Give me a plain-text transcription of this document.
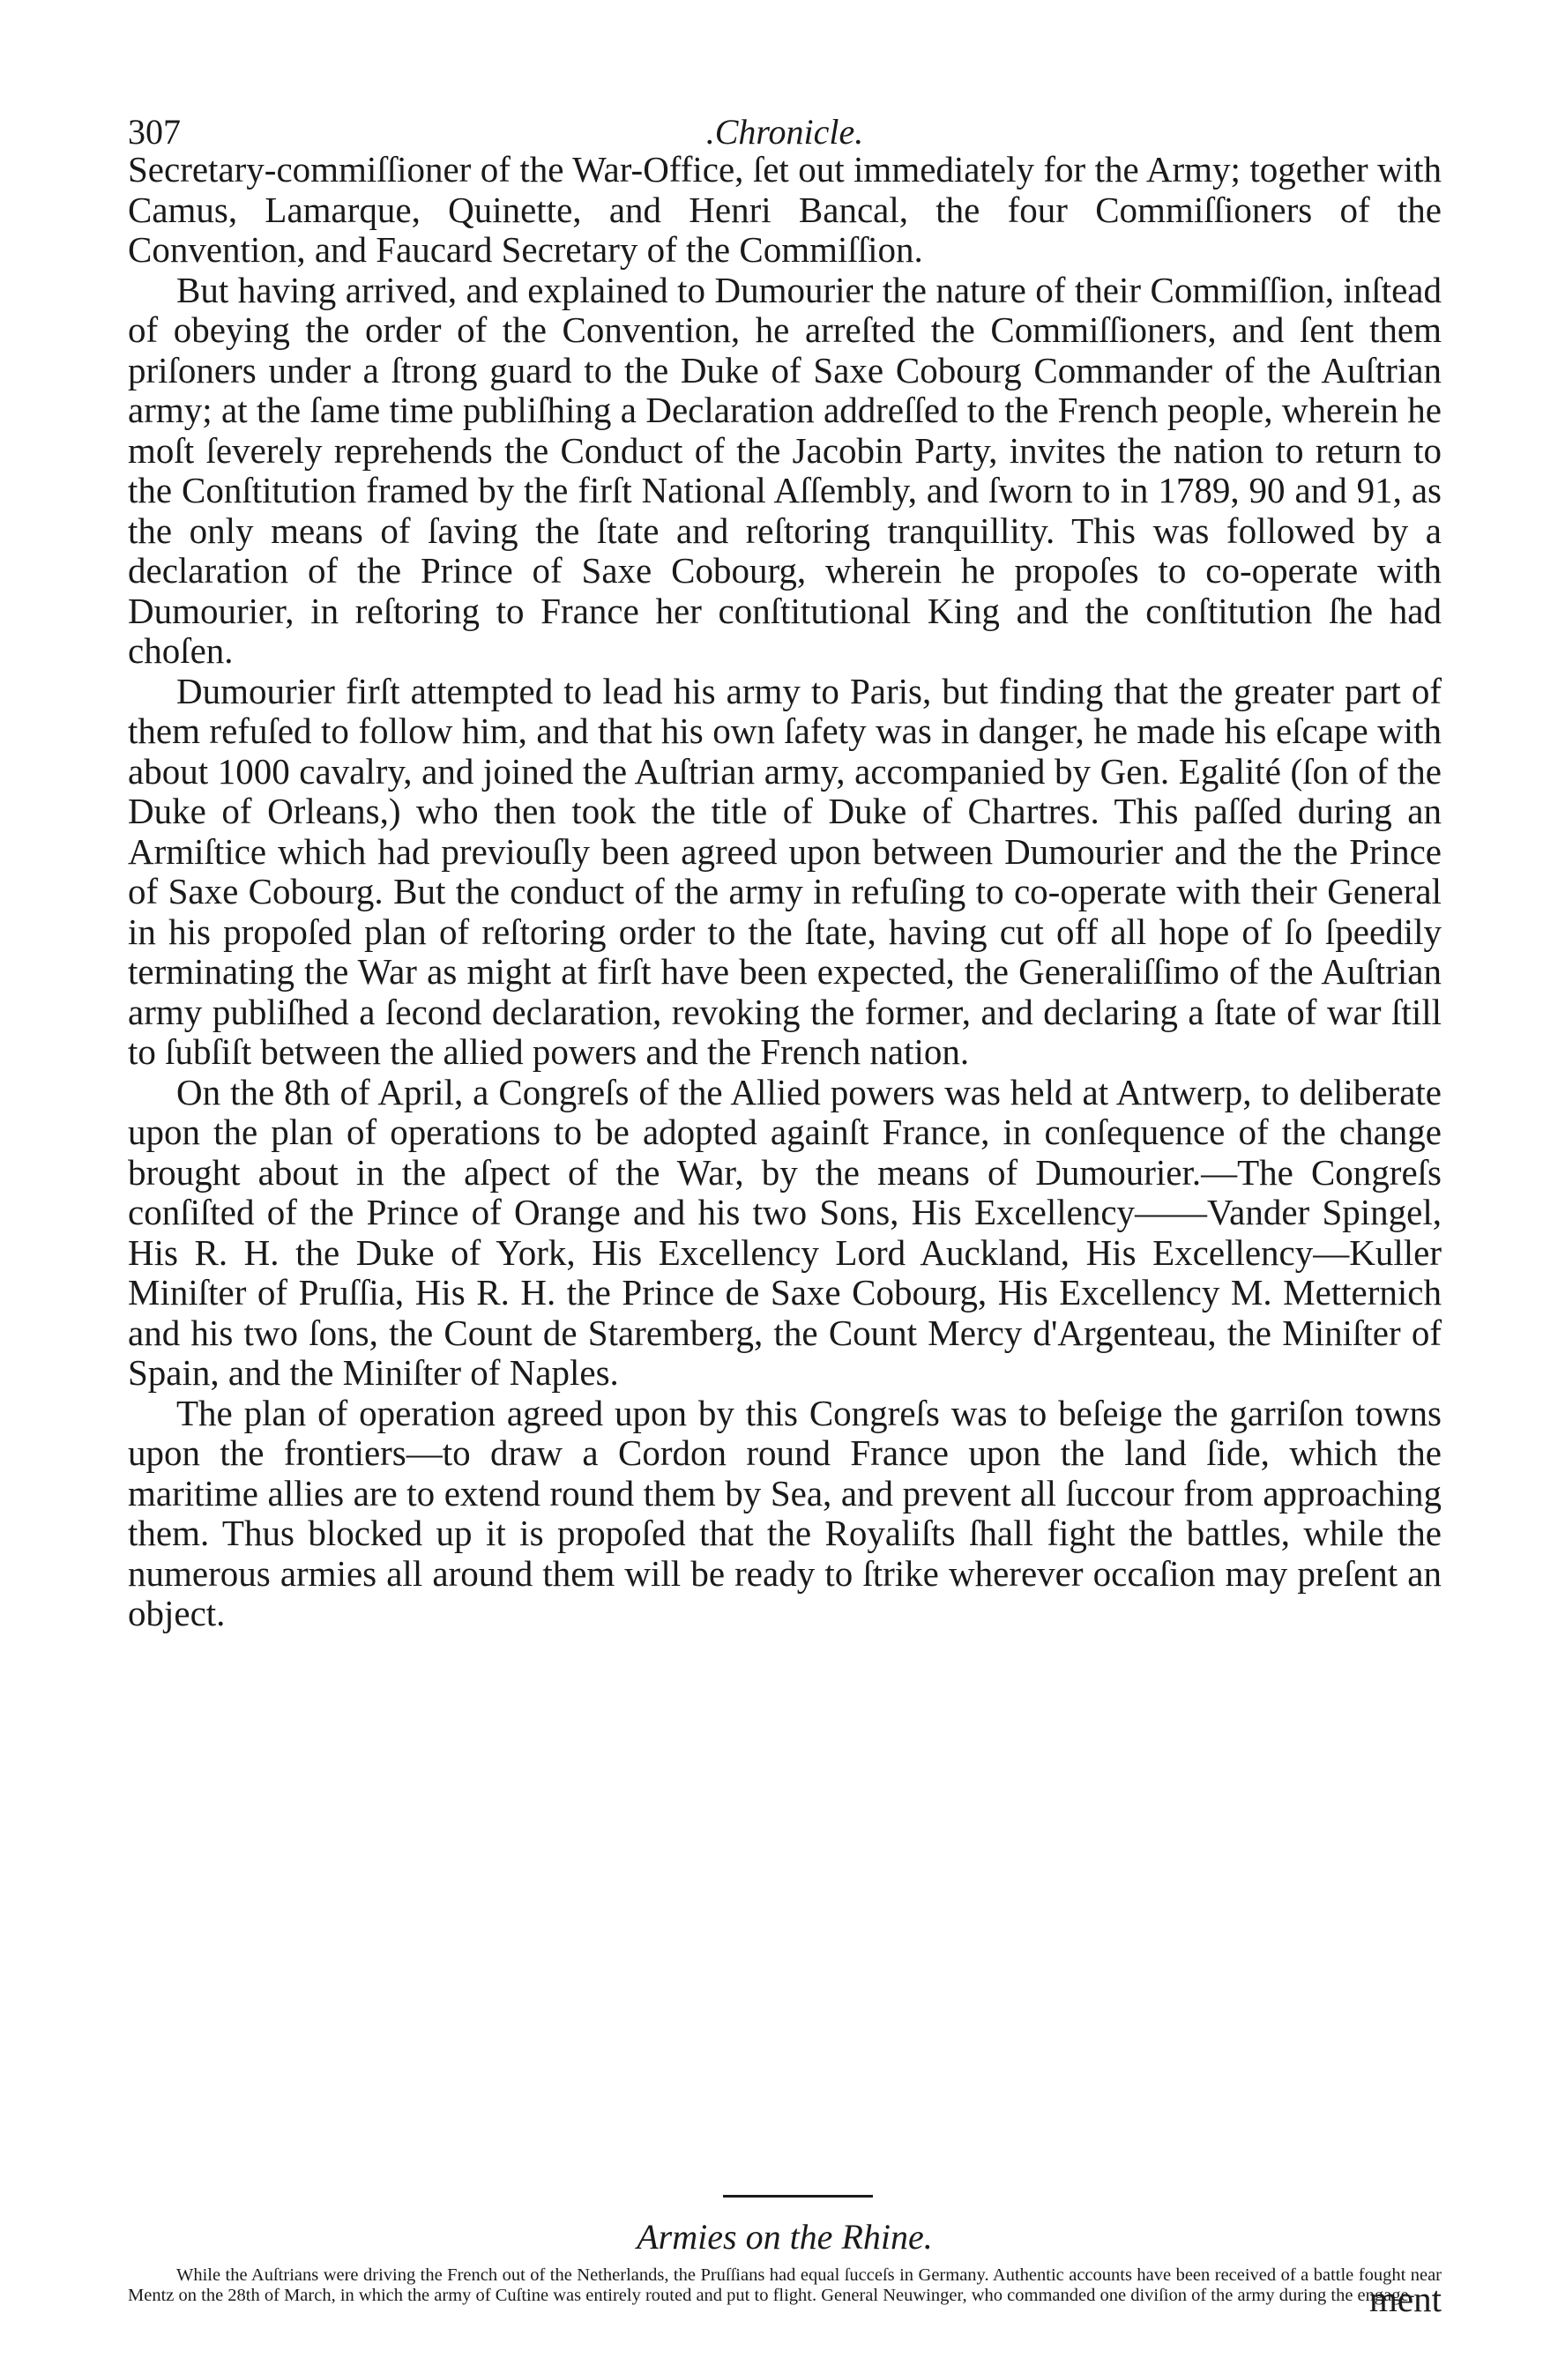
307	.Chronicle.

Secretary-commiſſioner of the War-Office, ſet out immediately for the Army; together with Camus, Lamarque, Quinette, and Henri Bancal, the four Commiſſioners of the Convention, and Faucard Secretary of the Commiſſion.

But having arrived, and explained to Dumourier the nature of their Commiſſion, inſtead of obeying the order of the Convention, he arreſted the Commiſſioners, and ſent them priſoners under a ſtrong guard to the Duke of Saxe Cobourg Commander of the Auſtrian army; at the ſame time publiſhing a Declaration addreſſed to the French people, wherein he moſt ſeverely reprehends the Conduct of the Jacobin Party, invites the nation to return to the Conſtitution framed by the firſt National Aſſembly, and ſworn to in 1789, 90 and 91, as the only means of ſaving the ſtate and reſtoring tranquillity. This was followed by a declaration of the Prince of Saxe Cobourg, wherein he propoſes to co-operate with Dumourier, in reſtoring to France her conſtitutional King and the conſtitution ſhe had choſen.

Dumourier firſt attempted to lead his army to Paris, but finding that the greater part of them refuſed to follow him, and that his own ſafety was in danger, he made his eſcape with about 1000 cavalry, and joined the Auſtrian army, accompanied by Gen. Egalité (ſon of the Duke of Orleans,) who then took the title of Duke of Chartres. This paſſed during an Armiſtice which had previouſly been agreed upon between Dumourier and the the Prince of Saxe Cobourg. But the conduct of the army in refuſing to co-operate with their General in his propoſed plan of reſtoring order to the ſtate, having cut off all hope of ſo ſpeedily terminating the War as might at firſt have been expected, the Generaliſſimo of the Auſtrian army publiſhed a ſecond declaration, revoking the former, and declaring a ſtate of war ſtill to ſubſiſt between the allied powers and the French nation.

On the 8th of April, a Congreſs of the Allied powers was held at Antwerp, to deliberate upon the plan of operations to be adopted againſt France, in conſequence of the change brought about in the aſpect of the War, by the means of Dumourier.—The Congreſs conſiſted of the Prince of Orange and his two Sons, His Excellency——Vander Spingel, His R. H. the Duke of York, His Excellency Lord Auckland, His Excellency—Kuller Miniſter of Pruſſia, His R. H. the Prince de Saxe Cobourg, His Excellency M. Metternich and his two ſons, the Count de Staremberg, the Count Mercy d'Argenteau, the Miniſter of Spain, and the Miniſter of Naples.

The plan of operation agreed upon by this Congreſs was to beſeige the garriſon towns upon the frontiers—to draw a Cordon round France upon the land ſide, which the maritime allies are to extend round them by Sea, and prevent all ſuccour from approaching them. Thus blocked up it is propoſed that the Royaliſts ſhall fight the battles, while the numerous armies all around them will be ready to ſtrike wherever occaſion may preſent an object.

Armies on the Rhine.

While the Auſtrians were driving the French out of the Netherlands, the Pruſſians had equal ſucceſs in Germany. Authentic accounts have been received of a battle fought near Mentz on the 28th of March, in which the army of Cuſtine was entirely routed and put to flight. General Neuwinger, who commanded one diviſion of the army during the engage-

ment
